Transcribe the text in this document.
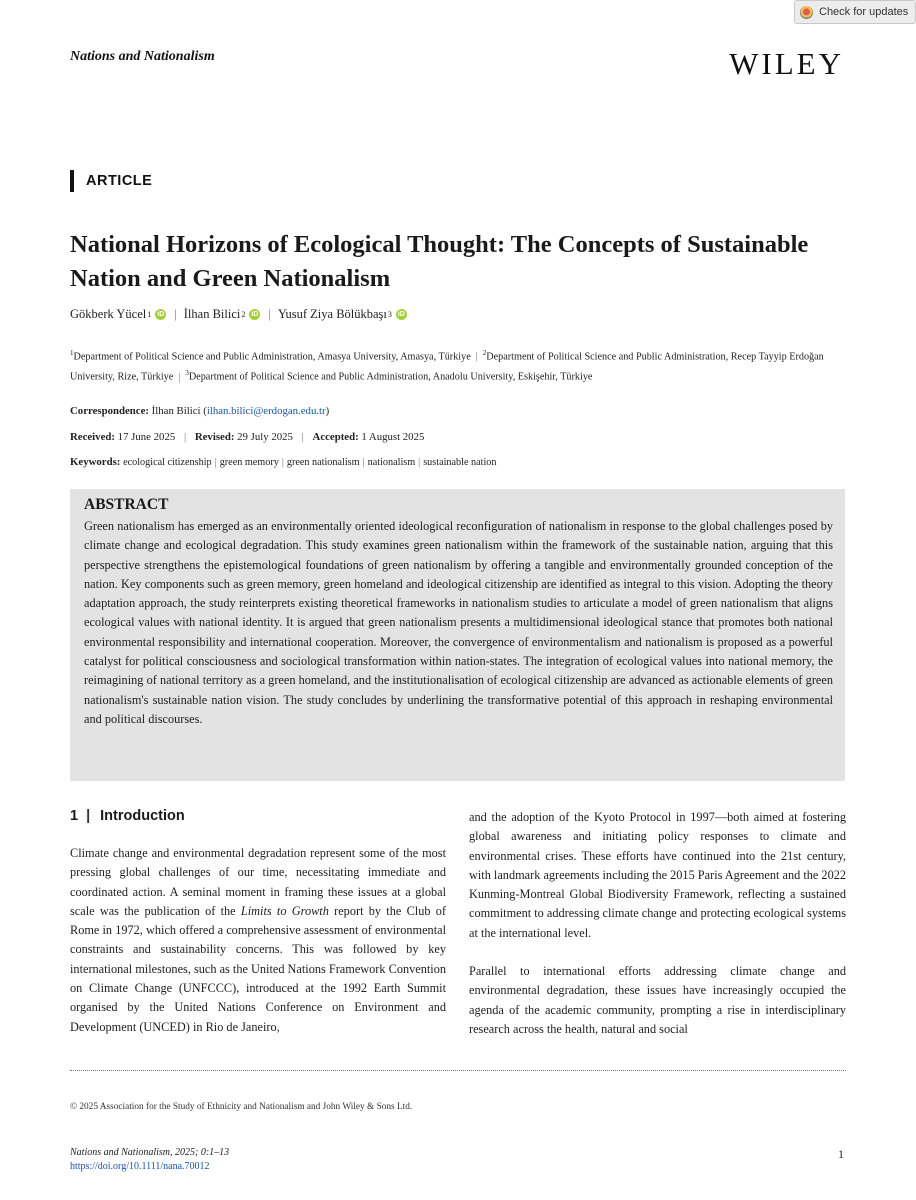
Check for updates
Nations and Nationalism	WILEY
ARTICLE
National Horizons of Ecological Thought: The Concepts of Sustainable Nation and Green Nationalism
Gökberk Yücel 1 iD | İlhan Bilici 2 iD | Yusuf Ziya Bölükbaşı 3 iD
$^1$Department of Political Science and Public Administration, Amasya University, Amasya, Türkiye | $^2$Department of Political Science and Public Administration, Recep Tayyip Erdoğan University, Rize, Türkiye | $^3$Department of Political Science and Public Administration, Anadolu University, Eskişehir, Türkiye
Correspondence: İlhan Bilici (ilhan.bilici@erdogan.edu.tr)
Received: 17 June 2025 | Revised: 29 July 2025 | Accepted: 1 August 2025
Keywords: ecological citizenship | green memory | green nationalism | nationalism | sustainable nation
ABSTRACT
Green nationalism has emerged as an environmentally oriented ideological reconfiguration of nationalism in response to the global challenges posed by climate change and ecological degradation. This study examines green nationalism within the framework of the sustainable nation, arguing that this perspective strengthens the epistemological foundations of green nationalism by offering a tangible and environmentally grounded conception of the nation. Key components such as green memory, green homeland and ideological citizenship are identified as integral to this vision. Adopting the theory adaptation approach, the study reinterprets existing theoretical frameworks in nationalism studies to articulate a model of green nationalism that aligns ecological values with national identity. It is argued that green nationalism presents a multidimensional ideological stance that promotes both national environmental responsibility and international cooperation. Moreover, the convergence of environmentalism and nationalism is proposed as a powerful catalyst for political consciousness and sociological transformation within nation-states. The integration of ecological values into national memory, the reimagining of national territory as a green homeland, and the institutionalisation of ecological citizenship are advanced as actionable elements of green nationalism's sustainable nation vision. The study concludes by underlining the transformative potential of this approach in reshaping environmental and political discourses.
1 | Introduction
Climate change and environmental degradation represent some of the most pressing global challenges of our time, necessitating immediate and coordinated action. A seminal moment in framing these issues at a global scale was the publication of the Limits to Growth report by the Club of Rome in 1972, which offered a comprehensive assessment of environmental constraints and sustainability concerns. This was followed by key international milestones, such as the United Nations Framework Convention on Climate Change (UNFCCC), introduced at the 1992 Earth Summit organised by the United Nations Conference on Environment and Development (UNCED) in Rio de Janeiro,
and the adoption of the Kyoto Protocol in 1997—both aimed at fostering global awareness and initiating policy responses to climate and environmental crises. These efforts have continued into the 21st century, with landmark agreements including the 2015 Paris Agreement and the 2022 Kunming-Montreal Global Biodiversity Framework, reflecting a sustained commitment to addressing climate change and protecting ecological systems at the international level.
Parallel to international efforts addressing climate change and environmental degradation, these issues have increasingly occupied the agenda of the academic community, prompting a rise in interdisciplinary research across the health, natural and social
© 2025 Association for the Study of Ethnicity and Nationalism and John Wiley & Sons Ltd.
Nations and Nationalism, 2025; 0:1–13
https://doi.org/10.1111/nana.70012
1
